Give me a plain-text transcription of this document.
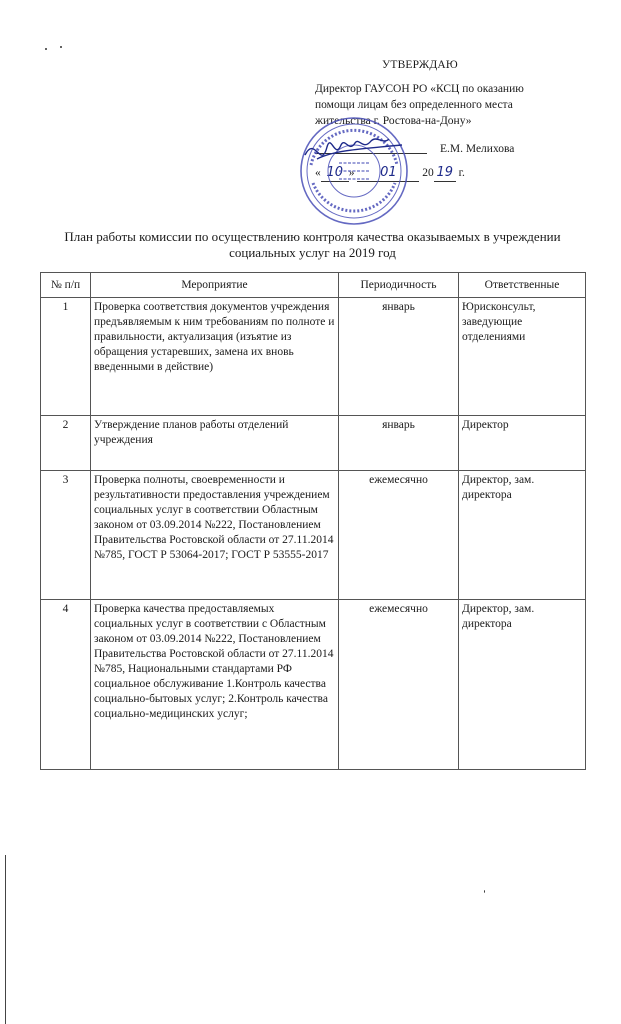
УТВЕРЖДАЮ
Директор ГАУСОН РО «КСЦ по оказанию
помощи лицам без определенного места
жительства г. Ростова-на-Дону»
Е.М. Мелихова
« 10 » 01 20 19 г.
План работы комиссии по осуществлению контроля качества оказываемых в учреждении социальных услуг на 2019 год
№ п/п	Мероприятие	Периодичность	Ответственные
1	Проверка соответствия документов учреждения предъявляемым к ним требованиям по полноте и правильности, актуализация (изъятие из обращения устаревших, замена их вновь введенными в действие)	январь	Юрисконсульт, заведующие отделениями
2	Утверждение планов работы отделений учреждения	январь	Директор
3	Проверка полноты, своевременности и результативности предоставления учреждением социальных услуг в соответствии Областным законом от 03.09.2014 №222, Постановлением Правительства Ростовской области от 27.11.2014 №785, ГОСТ Р 53064-2017; ГОСТ Р 53555-2017	ежемесячно	Директор, зам. директора
4	Проверка качества предоставляемых социальных услуг в соответствии с Областным законом от 03.09.2014 №222, Постановлением Правительства Ростовской области от 27.11.2014 №785, Национальными стандартами РФ социальное обслуживание 1.Контроль качества социально-бытовых услуг; 2.Контроль качества социально-медицинских услуг;	ежемесячно	Директор, зам. директора
